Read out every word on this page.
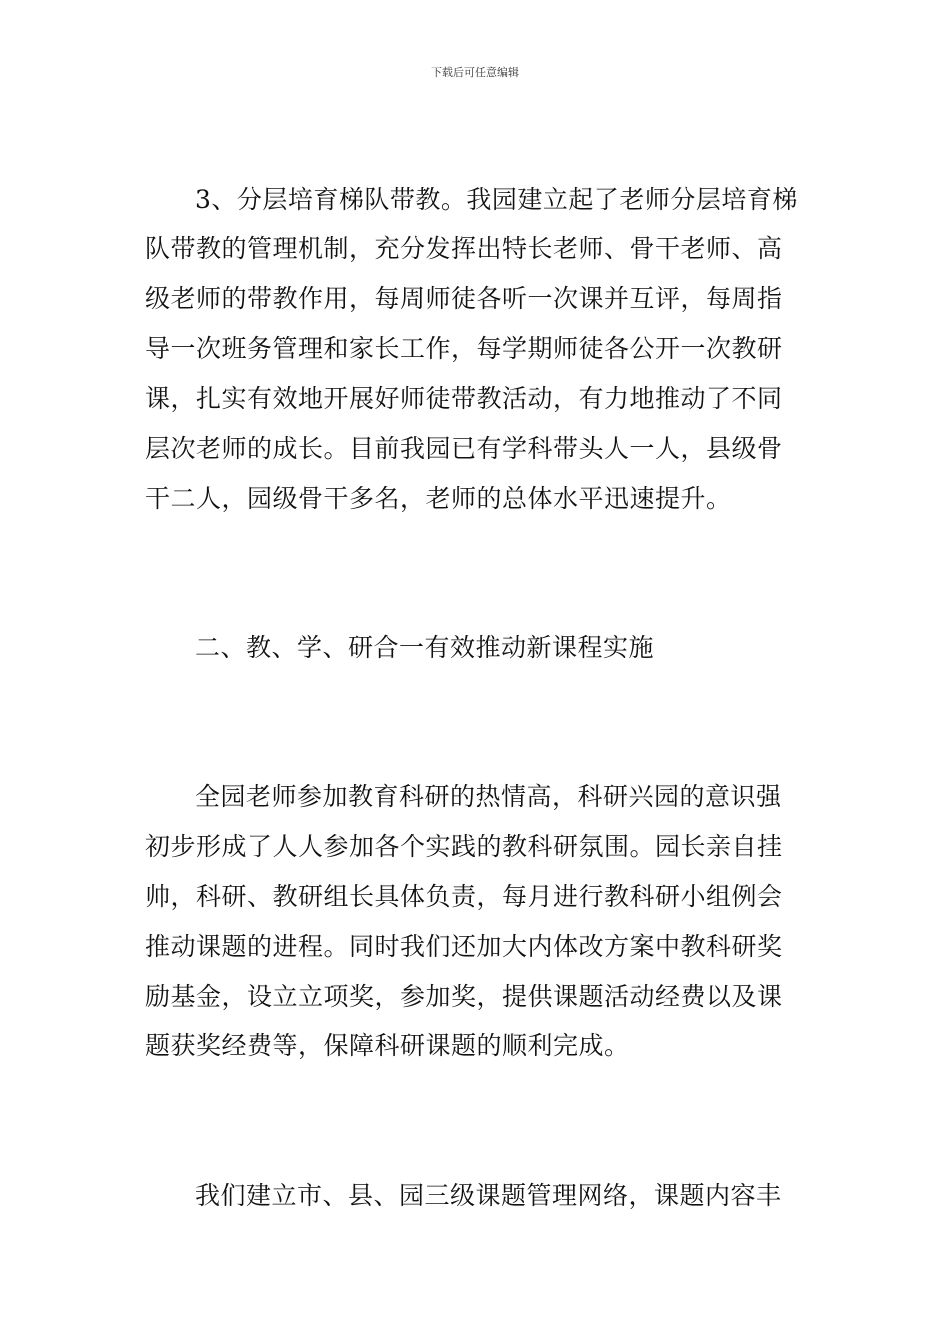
下载后可任意编辑
3、分层培育梯队带教。我园建立起了老师分层培育梯
队带教的管理机制，充分发挥出特长老师、骨干老师、高
级老师的带教作用，每周师徒各听一次课并互评，每周指
导一次班务管理和家长工作，每学期师徒各公开一次教研
课，扎实有效地开展好师徒带教活动，有力地推动了不同
层次老师的成长。目前我园已有学科带头人一人，县级骨
干二人，园级骨干多名，老师的总体水平迅速提升。
二、教、学、研合一有效推动新课程实施
全园老师参加教育科研的热情高，科研兴园的意识强
初步形成了人人参加各个实践的教科研氛围。园长亲自挂
帅，科研、教研组长具体负责，每月进行教科研小组例会
推动课题的进程。同时我们还加大内体改方案中教科研奖
励基金，设立立项奖，参加奖，提供课题活动经费以及课
题获奖经费等，保障科研课题的顺利完成。
我们建立市、县、园三级课题管理网络，课题内容丰
